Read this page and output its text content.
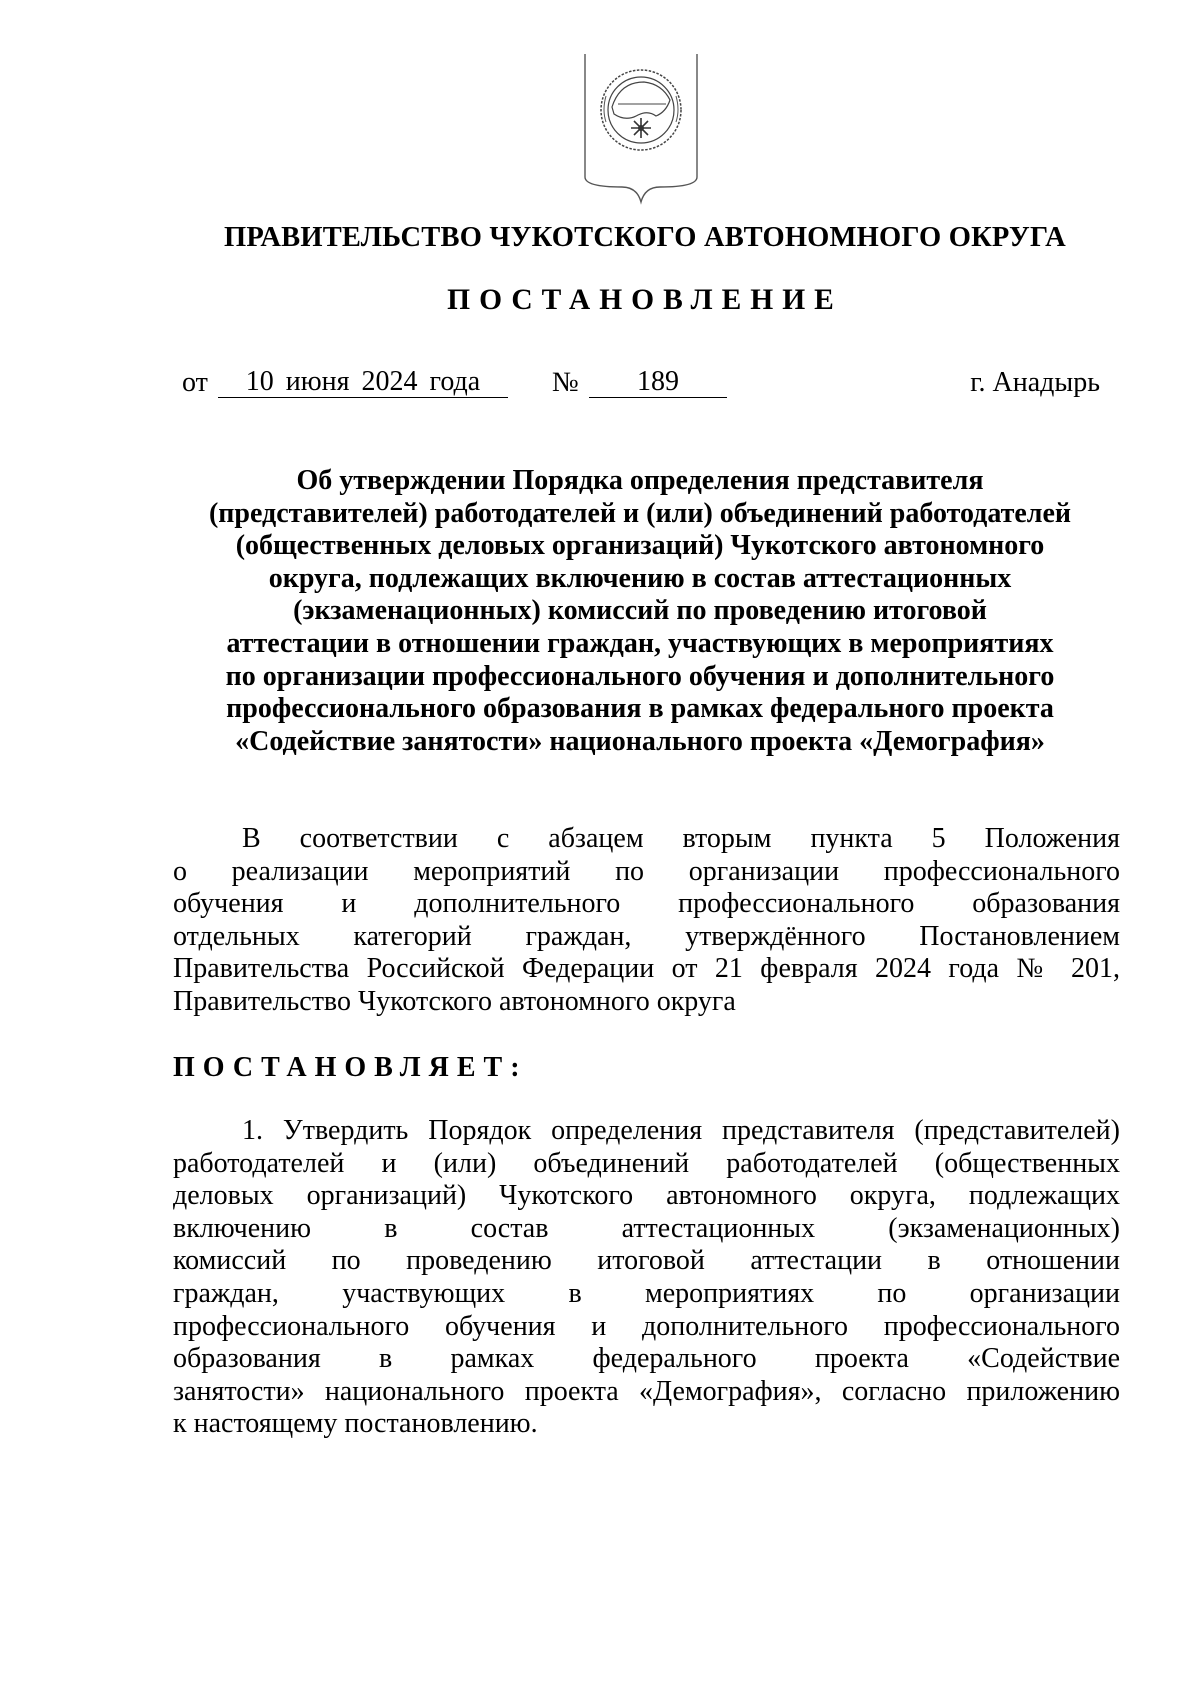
ПРАВИТЕЛЬСТВО ЧУКОТСКОГО АВТОНОМНОГО ОКРУГА
ПОСТАНОВЛЕНИЕ
от	10 июня 2024 года	№	189	г. Анадырь
Об утверждении Порядка определения представителя
(представителей) работодателей и (или) объединений работодателей
(общественных деловых организаций) Чукотского автономного
округа, подлежащих включению в состав аттестационных
(экзаменационных) комиссий по проведению итоговой
аттестации в отношении граждан, участвующих в мероприятиях
по организации профессионального обучения и дополнительного
профессионального образования в рамках федерального проекта
«Содействие занятости» национального проекта «Демография»
В соответствии с абзацем вторым пункта 5 Положения
о реализации мероприятий по организации профессионального
обучения и дополнительного профессионального образования
отдельных категорий граждан, утверждённого Постановлением
Правительства Российской Федерации от 21 февраля 2024 года № 201,
Правительство Чукотского автономного округа
ПОСТАНОВЛЯЕТ:
1. Утвердить Порядок определения представителя (представителей)
работодателей и (или) объединений работодателей (общественных
деловых организаций) Чукотского автономного округа, подлежащих
включению в состав аттестационных (экзаменационных)
комиссий по проведению итоговой аттестации в отношении
граждан, участвующих в мероприятиях по организации
профессионального обучения и дополнительного профессионального
образования в рамках федерального проекта «Содействие
занятости» национального проекта «Демография», согласно приложению
к настоящему постановлению.
